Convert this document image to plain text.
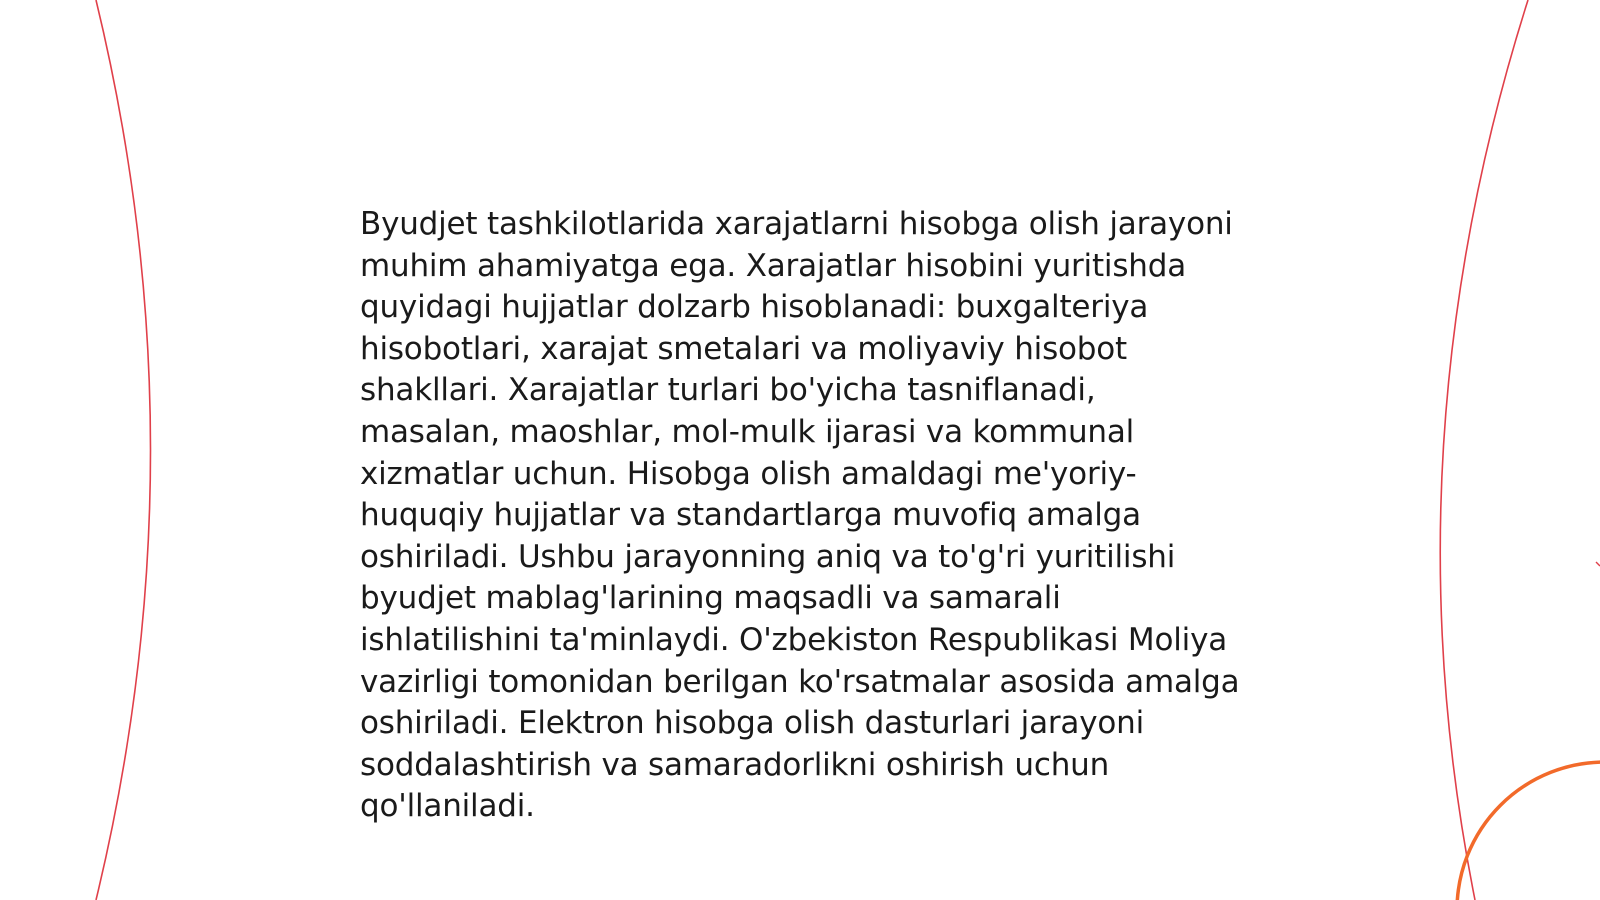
Byudjet tashkilotlarida xarajatlarni hisobga olish jarayoni muhim ahamiyatga ega. Xarajatlar hisobini yuritishda quyidagi hujjatlar dolzarb hisoblanadi: buxgalteriya hisobotlari, xarajat smetalari va moliyaviy hisobot shakllari. Xarajatlar turlari bo'yicha tasniflanadi, masalan, maoshlar, mol-mulk ijarasi va kommunal xizmatlar uchun. Hisobga olish amaldagi me'yoriy-huquqiy hujjatlar va standartlarga muvofiq amalga oshiriladi. Ushbu jarayonning aniq va to'g'ri yuritilishi byudjet mablag'larining maqsadli va samarali ishlatilishini ta'minlaydi. O'zbekiston Respublikasi Moliya vazirligi tomonidan berilgan ko'rsatmalar asosida amalga oshiriladi. Elektron hisobga olish dasturlari jarayoni soddalashtirish va samaradorlikni oshirish uchun qo'llaniladi.
